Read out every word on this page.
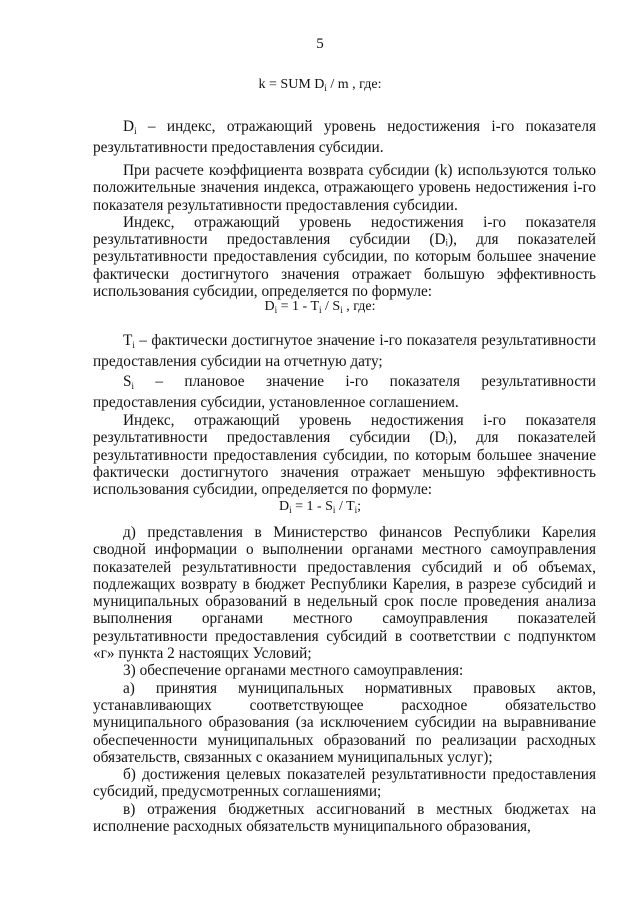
5
k = SUM $D_i$ / m , где:

$D_i$ – индекс, отражающий уровень недостижения i-го показателя результативности предоставления субсидии.

При расчете коэффициента возврата субсидии (k) используются только положительные значения индекса, отражающего уровень недостижения i-го показателя результативности предоставления субсидии.

Индекс, отражающий уровень недостижения i-го показателя результативности предоставления субсидии (Dᵢ), для показателей результативности предоставления субсидии, по которым большее значение фактически достигнутого значения отражает большую эффективность использования субсидии, определяется по формуле:

$D_i = 1 - T_i / S_i$ , где:

$T_i$ – фактически достигнутое значение i-го показателя результативности предоставления субсидии на отчетную дату;

$S_i$ – плановое значение i-го показателя результативности предоставления субсидии, установленное соглашением.

Индекс, отражающий уровень недостижения i-го показателя результативности предоставления субсидии (Dᵢ), для показателей результативности предоставления субсидии, по которым большее значение фактически достигнутого значения отражает меньшую эффективность использования субсидии, определяется по формуле:

$D_i = 1 - S_i / T_i$;

д) представления в Министерство финансов Республики Карелия сводной информации о выполнении органами местного самоуправления показателей результативности предоставления субсидий и об объемах, подлежащих возврату в бюджет Республики Карелия, в разрезе субсидий и муниципальных образований в недельный срок после проведения анализа выполнения органами местного самоуправления показателей результативности предоставления субсидий в соответствии с подпунктом «г» пункта 2 настоящих Условий;

3) обеспечение органами местного самоуправления:

а) принятия муниципальных нормативных правовых актов, устанавливающих соответствующее расходное обязательство муниципального образования (за исключением субсидии на выравнивание обеспеченности муниципальных образований по реализации расходных обязательств, связанных с оказанием муниципальных услуг);

б) достижения целевых показателей результативности предоставления субсидий, предусмотренных соглашениями;

в) отражения бюджетных ассигнований в местных бюджетах на исполнение расходных обязательств муниципального образования,
